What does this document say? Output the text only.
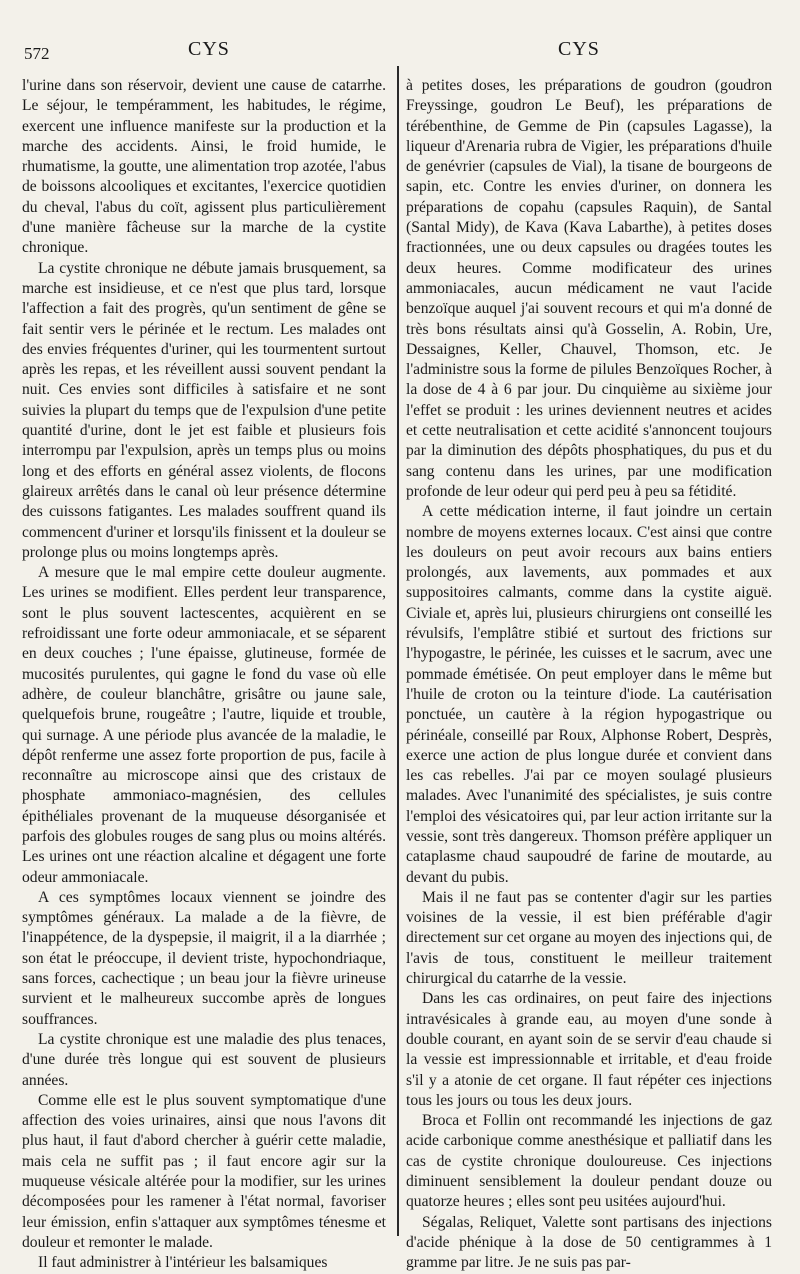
572	CYS	CYS

l'urine dans son réservoir, devient une cause de catarrhe. Le séjour, le tempéramment, les habitudes, le régime, exercent une influence manifeste sur la production et la marche des accidents. Ainsi, le froid humide, le rhumatisme, la goutte, une alimentation trop azotée, l'abus de boissons alcooliques et excitantes, l'exercice quotidien du cheval, l'abus du coït, agissent plus particulièrement d'une manière fâcheuse sur la marche de la cystite chronique.

La cystite chronique ne débute jamais brusquement, sa marche est insidieuse, et ce n'est que plus tard, lorsque l'affection a fait des progrès, qu'un sentiment de gêne se fait sentir vers le périnée et le rectum. Les malades ont des envies fréquentes d'uriner, qui les tourmentent surtout après les repas, et les réveillent aussi souvent pendant la nuit. Ces envies sont difficiles à satisfaire et ne sont suivies la plupart du temps que de l'expulsion d'une petite quantité d'urine, dont le jet est faible et plusieurs fois interrompu par l'expulsion, après un temps plus ou moins long et des efforts en général assez violents, de flocons glaireux arrêtés dans le canal où leur présence détermine des cuissons fatigantes. Les malades souffrent quand ils commencent d'uriner et lorsqu'ils finissent et la douleur se prolonge plus ou moins longtemps après.

A mesure que le mal empire cette douleur augmente. Les urines se modifient. Elles perdent leur transparence, sont le plus souvent lactescentes, acquièrent en se refroidissant une forte odeur ammoniacale, et se séparent en deux couches ; l'une épaisse, glutineuse, formée de mucosités purulentes, qui gagne le fond du vase où elle adhère, de couleur blanchâtre, grisâtre ou jaune sale, quelquefois brune, rougeâtre ; l'autre, liquide et trouble, qui surnage. A une période plus avancée de la maladie, le dépôt renferme une assez forte proportion de pus, facile à reconnaître au microscope ainsi que des cristaux de phosphate ammoniaco-magnésien, des cellules épithéliales provenant de la muqueuse désorganisée et parfois des globules rouges de sang plus ou moins altérés. Les urines ont une réaction alcaline et dégagent une forte odeur ammoniacale.

A ces symptômes locaux viennent se joindre des symptômes généraux. La malade a de la fièvre, de l'inappétence, de la dyspepsie, il maigrit, il a la diarrhée ; son état le préoccupe, il devient triste, hypochondriaque, sans forces, cachectique ; un beau jour la fièvre urineuse survient et le malheureux succombe après de longues souffrances.

La cystite chronique est une maladie des plus tenaces, d'une durée très longue qui est souvent de plusieurs années.

Comme elle est le plus souvent symptomatique d'une affection des voies urinaires, ainsi que nous l'avons dit plus haut, il faut d'abord chercher à guérir cette maladie, mais cela ne suffit pas ; il faut encore agir sur la muqueuse vésicale altérée pour la modifier, sur les urines décomposées pour les ramener à l'état normal, favoriser leur émission, enfin s'attaquer aux symptômes ténesme et douleur et remonter le malade.

Il faut administrer à l'intérieur les balsamiques

à petites doses, les préparations de goudron (goudron Freyssinge, goudron Le Beuf), les préparations de térébenthine, de Gemme de Pin (capsules Lagasse), la liqueur d'Arenaria rubra de Vigier, les préparations d'huile de genévrier (capsules de Vial), la tisane de bourgeons de sapin, etc. Contre les envies d'uriner, on donnera les préparations de copahu (capsules Raquin), de Santal (Santal Midy), de Kava (Kava Labarthe), à petites doses fractionnées, une ou deux capsules ou dragées toutes les deux heures. Comme modificateur des urines ammoniacales, aucun médicament ne vaut l'acide benzoïque auquel j'ai souvent recours et qui m'a donné de très bons résultats ainsi qu'à Gosselin, A. Robin, Ure, Dessaignes, Keller, Chauvel, Thomson, etc. Je l'administre sous la forme de pilules Benzoïques Rocher, à la dose de 4 à 6 par jour. Du cinquième au sixième jour l'effet se produit : les urines deviennent neutres et acides et cette neutralisation et cette acidité s'annoncent toujours par la diminution des dépôts phosphatiques, du pus et du sang contenu dans les urines, par une modification profonde de leur odeur qui perd peu à peu sa fétidité.

A cette médication interne, il faut joindre un certain nombre de moyens externes locaux. C'est ainsi que contre les douleurs on peut avoir recours aux bains entiers prolongés, aux lavements, aux pommades et aux suppositoires calmants, comme dans la cystite aiguë. Civiale et, après lui, plusieurs chirurgiens ont conseillé les révulsifs, l'emplâtre stibié et surtout des frictions sur l'hypogastre, le périnée, les cuisses et le sacrum, avec une pommade émétisée. On peut employer dans le même but l'huile de croton ou la teinture d'iode. La cautérisation ponctuée, un cautère à la région hypogastrique ou périnéale, conseillé par Roux, Alphonse Robert, Desprès, exerce une action de plus longue durée et convient dans les cas rebelles. J'ai par ce moyen soulagé plusieurs malades. Avec l'unanimité des spécialistes, je suis contre l'emploi des vésicatoires qui, par leur action irritante sur la vessie, sont très dangereux. Thomson préfère appliquer un cataplasme chaud saupoudré de farine de moutarde, au devant du pubis.

Mais il ne faut pas se contenter d'agir sur les parties voisines de la vessie, il est bien préférable d'agir directement sur cet organe au moyen des injections qui, de l'avis de tous, constituent le meilleur traitement chirurgical du catarrhe de la vessie.

Dans les cas ordinaires, on peut faire des injections intravésicales à grande eau, au moyen d'une sonde à double courant, en ayant soin de se servir d'eau chaude si la vessie est impressionnable et irritable, et d'eau froide s'il y a atonie de cet organe. Il faut répéter ces injections tous les jours ou tous les deux jours.

Broca et Follin ont recommandé les injections de gaz acide carbonique comme anesthésique et palliatif dans les cas de cystite chronique douloureuse. Ces injections diminuent sensiblement la douleur pendant douze ou quatorze heures ; elles sont peu usitées aujourd'hui.

Ségalas, Reliquet, Valette sont partisans des injections d'acide phénique à la dose de 50 centigrammes à 1 gramme par litre. Je ne suis pas par-
